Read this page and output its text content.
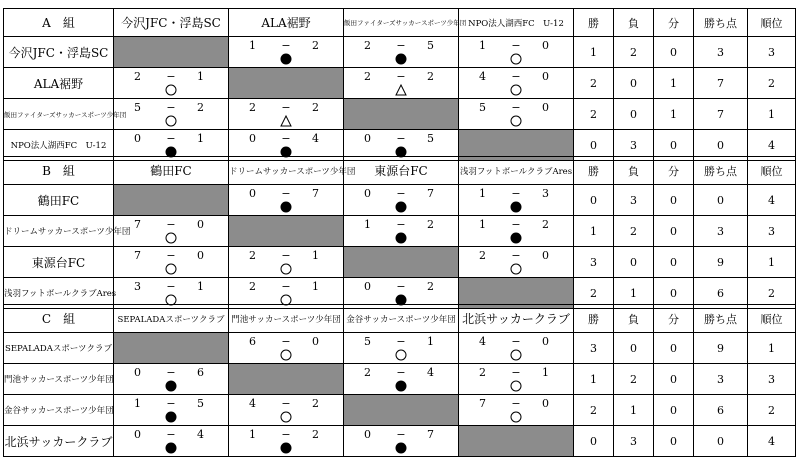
A　組	今沢JFC・浮島SC	ALA裾野	飯田ファイターズサッカースポーツ少年団	NPO法人湖西FC　U-12	勝	負	分	勝ち点	順位
今沢JFC・浮島SC		1 − 2	2 − 5	1 − 0	1	2	0	3	3
ALA裾野	2 − 1		2 − 2	4 − 0	2	0	1	7	2
飯田ファイターズサッカースポーツ少年団	5 − 2	2 − 2		5 − 0	2	0	1	7	1
NPO法人湖西FC　U-12	0 − 1	0 − 4	0 − 5		0	3	0	0	4
B　組	鶴田FC	ドリームサッカースポーツ少年団	東源台FC	浅羽フットボールクラブAres	勝	負	分	勝ち点	順位
鶴田FC		0 − 7	0 − 7	1 − 3	0	3	0	0	4
ドリームサッカースポーツ少年団	7 − 0		1 − 2	1 − 2	1	2	0	3	3
東源台FC	7 − 0	2 − 1		2 − 0	3	0	0	9	1
浅羽フットボールクラブAres	3 − 1	2 − 1	0 − 2		2	1	0	6	2
C　組	SEPALADAスポーツクラブ	門池サッカースポーツ少年団	金谷サッカースポーツ少年団	北浜サッカークラブ	勝	負	分	勝ち点	順位
SEPALADAスポーツクラブ		6 − 0	5 − 1	4 − 0	3	0	0	9	1
門池サッカースポーツ少年団	0 − 6		2 − 4	2 − 1	1	2	0	3	3
金谷サッカースポーツ少年団	1 − 5	4 − 2		7 − 0	2	1	0	6	2
北浜サッカークラブ	0 − 4	1 − 2	0 − 7		0	3	0	0	4
